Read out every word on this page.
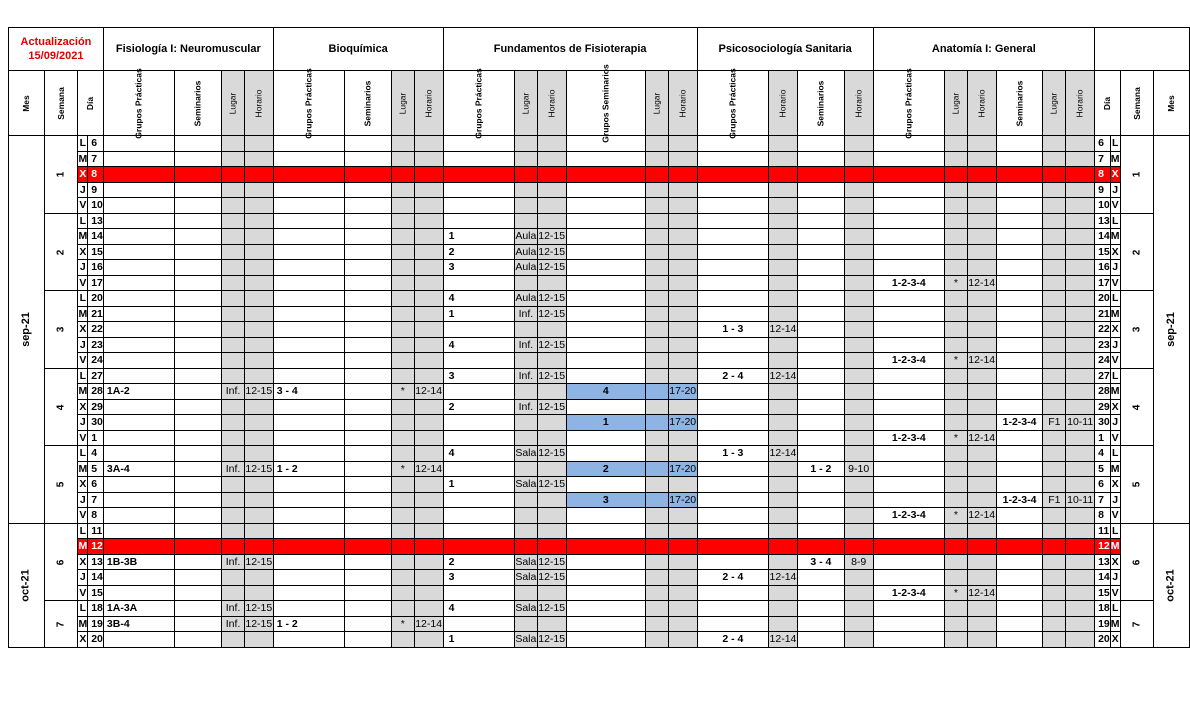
Actualización
15/09/2021				Fisiología I: Neuromuscular				Bioquímica				Fundamentos de Fisioterapia						Psicosociología Sanitaria				Anatomía I: General									
Mes	Semana	Día		Grupos Prácticas	Seminarios	Lugar	Horario	Grupos Prácticas	Seminarios	Lugar	Horario	Grupos Prácticas	Lugar	Horario	Grupos Seminarios	Lugar	Horario	Grupos Prácticas	Horario	Seminarios	Horario	Grupos Prácticas	Lugar	Horario	Seminarios	Lugar	Horario	Día		Semana	Mes
sep-21	1	L	6																									6	L	1	sep-21
		M	7																									7	M		
		X	8																									8	X		
		J	9																									9	J		
		V	10																									10	V		
	2	L	13																									13	L	2	
		M	14									1	Aula	12-15														14	M		
		X	15									2	Aula	12-15														15	X		
		J	16									3	Aula	12-15														16	J		
		V	17																			1-2-3-4	*	12-14				17	V		
	3	L	20									4	Aula	12-15														20	L	3	
		M	21									1	Inf.	12-15														21	M		
		X	22															1 - 3	12-14									22	X		
		J	23									4	Inf.	12-15														23	J		
		V	24																			1-2-3-4	*	12-14				24	V		
	4	L	27									3	Inf.	12-15				2 - 4	12-14									27	L	4	
		M	28	1A-2		Inf.	12-15	3 - 4		*	12-14				4		17-20											28	M		
		X	29									2	Inf.	12-15														29	X		
		J	30												1		17-20								1-2-3-4	F1	10-11	30	J		
		V	1																			1-2-3-4	*	12-14				1	V		
	5	L	4									4	Sala	12-15				1 - 3	12-14									4	L	5	
		M	5	3A-4		Inf.	12-15	1 - 2		*	12-14				2		17-20			1 - 2	9-10							5	M		
		X	6									1	Sala	12-15														6	X		
		J	7												3		17-20								1-2-3-4	F1	10-11	7	J		
		V	8																			1-2-3-4	*	12-14				8	V		
oct-21	6	L	11																									11	L	6	oct-21
		M	12																									12	M		
		X	13	1B-3B		Inf.	12-15					2	Sala	12-15						3 - 4	8-9							13	X		
		J	14									3	Sala	12-15				2 - 4	12-14									14	J		
		V	15																			1-2-3-4	*	12-14				15	V		
	7	L	18	1A-3A		Inf.	12-15					4	Sala	12-15														18	L	7	
		M	19	3B-4		Inf.	12-15	1 - 2		*	12-14																	19	M		
		X	20									1	Sala	12-15				2 - 4	12-14									20	X		
